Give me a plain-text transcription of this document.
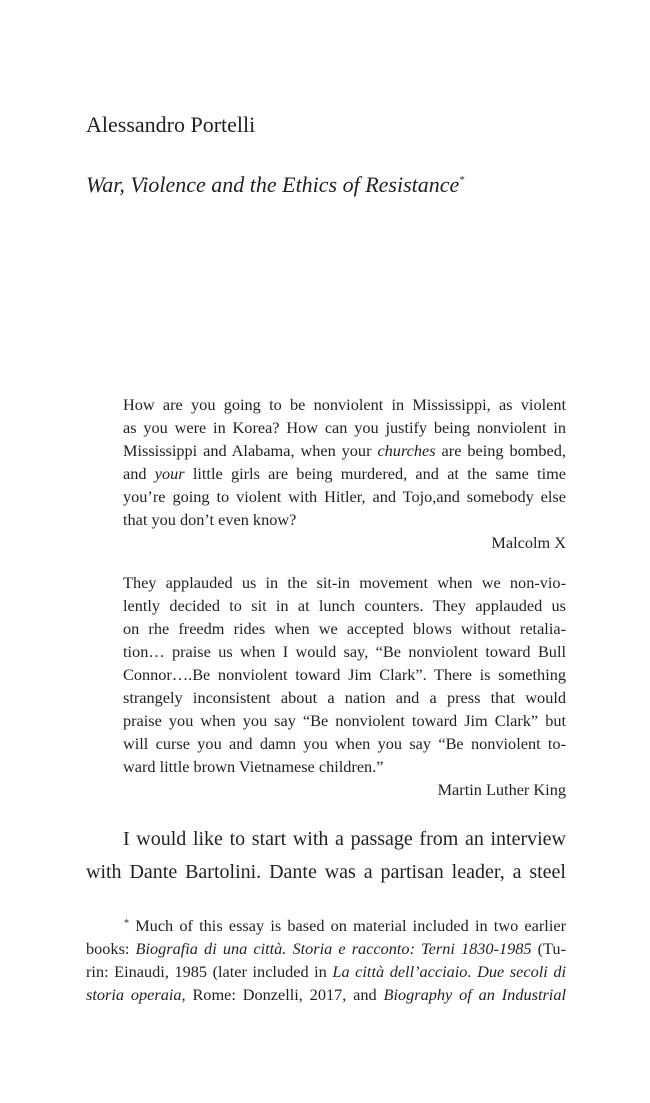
Alessandro Portelli
War, Violence and the Ethics of Resistance*
How are you going to be nonviolent in Mississippi, as violent
as you were in Korea? How can you justify being nonviolent in
Mississippi and Alabama, when your churches are being bombed,
and your little girls are being murdered, and at the same time
you’re going to violent with Hitler, and Tojo,and somebody else
that you don’t even know?
Malcolm X
They applauded us in the sit-in movement when we non-vio-
lently decided to sit in at lunch counters. They applauded us
on rhe freedm rides when we accepted blows without retalia-
tion… praise us when I would say, “Be nonviolent toward Bull
Connor….Be nonviolent toward Jim Clark”. There is something
strangely inconsistent about a nation and a press that would
praise you when you say “Be nonviolent toward Jim Clark” but
will curse you and damn you when you say “Be nonviolent to-
ward little brown Vietnamese children.”
Martin Luther King
I would like to start with a passage from an interview
with Dante Bartolini. Dante was a partisan leader, a steel
* Much of this essay is based on material included in two earlier
books: Biografia di una città. Storia e racconto: Terni 1830-1985 (Tu-
rin: Einaudi, 1985 (later included in La città dell’acciaio. Due secoli di
storia operaia, Rome: Donzelli, 2017, and Biography of an Industrial
